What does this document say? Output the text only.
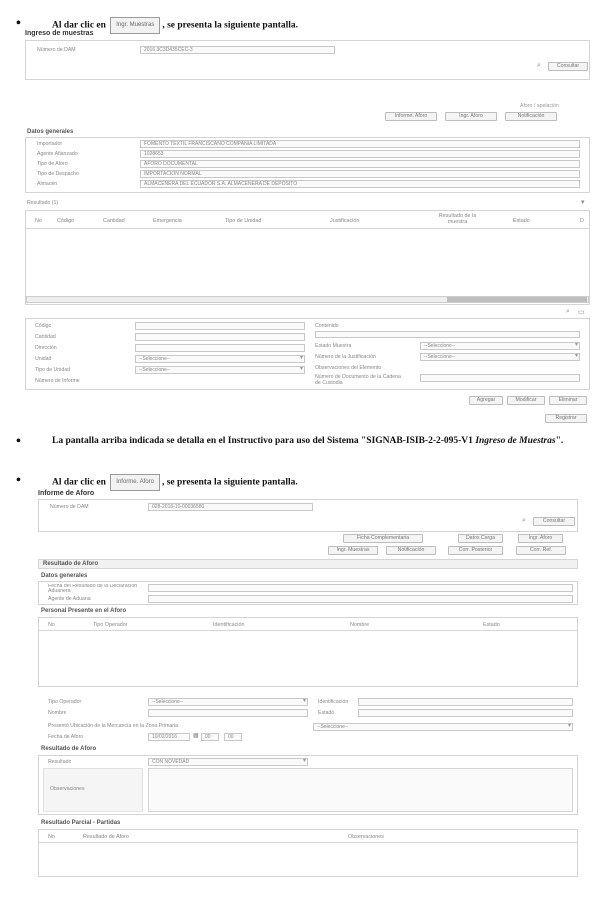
•	Al dar clic en Ingr. Muestras , se presenta la siguiente pantalla.
Ingreso de muestras
Número de DAM	2016 3C3D435CEC-3
⌕	Consultar
Aforo / apelación
Informe. Aforo	Ingr. Aforo	Notificación
Datos generales
Importador	FOMENTO TEXTIL FRANCISCANO COMPAÑÍA LIMITADA
Agente Afianzado	1028653
Tipo de Aforo	AFORO DOCUMENTAL
Tipo de Despacho	IMPORTACIÓN NORMAL
Almacén	ALMACENERA DEL ECUADOR S.A. ALMACENERA DE DEPÓSITO
Resultado (1)	▾
No	Código	Cantidad	Emergencia	Tipo de Unidad	Justificación
Resultado de la muestra	Estado	D
⌕ ▭
Código
Cantidad
Dirección
Unidad	--Seleccione-- ▾
Tipo de Unidad	--Seleccione-- ▾
Número de Informe
Contenido
Estado Muestra	--Seleccione-- ▾
Número de la Justificación	--Seleccione-- ▾
Observaciones del Elemento
Número de Documento de la Cadena de Custodia
Agregar	Modificar	Eliminar
Registrar
•	La pantalla arriba indicada se detalla en el Instructivo para uso del Sistema "SIGNAB-ISIB-2-2-095-V1 Ingreso de Muestras".
•	Al dar clic en Informe. Aforo , se presenta la siguiente pantalla.
Informe de Aforo
Número de DAM	028-2016-10-00036580
⌕	Consultar
Ficha Complementaria	Datos Carga	Ingr. Aforo
Ingr. Muestras	Notificación	Corr. Posterior	Corr. Ref.
Resultado de Aforo
Datos generales
Fecha del Resultado de la Declaración Aduanera
Agente de Aduana
Personal Presente en el Aforo
No	Tipo Operador	Identificación	Nombre	Estado
Tipo Operador	--Seleccione-- ▾
Nombre
Presentó Ubicación de la Mercancía en la Zona Primaria
Fecha de Aforo	10/02/2016	▦	00	00
Identificación
Estado
--Seleccione-- ▾
Resultado de Aforo
Resultado	CON NOVEDAD ▾
Observaciones
Resultado Parcial - Partidas
No	Resultado de Aforo	Observaciones
